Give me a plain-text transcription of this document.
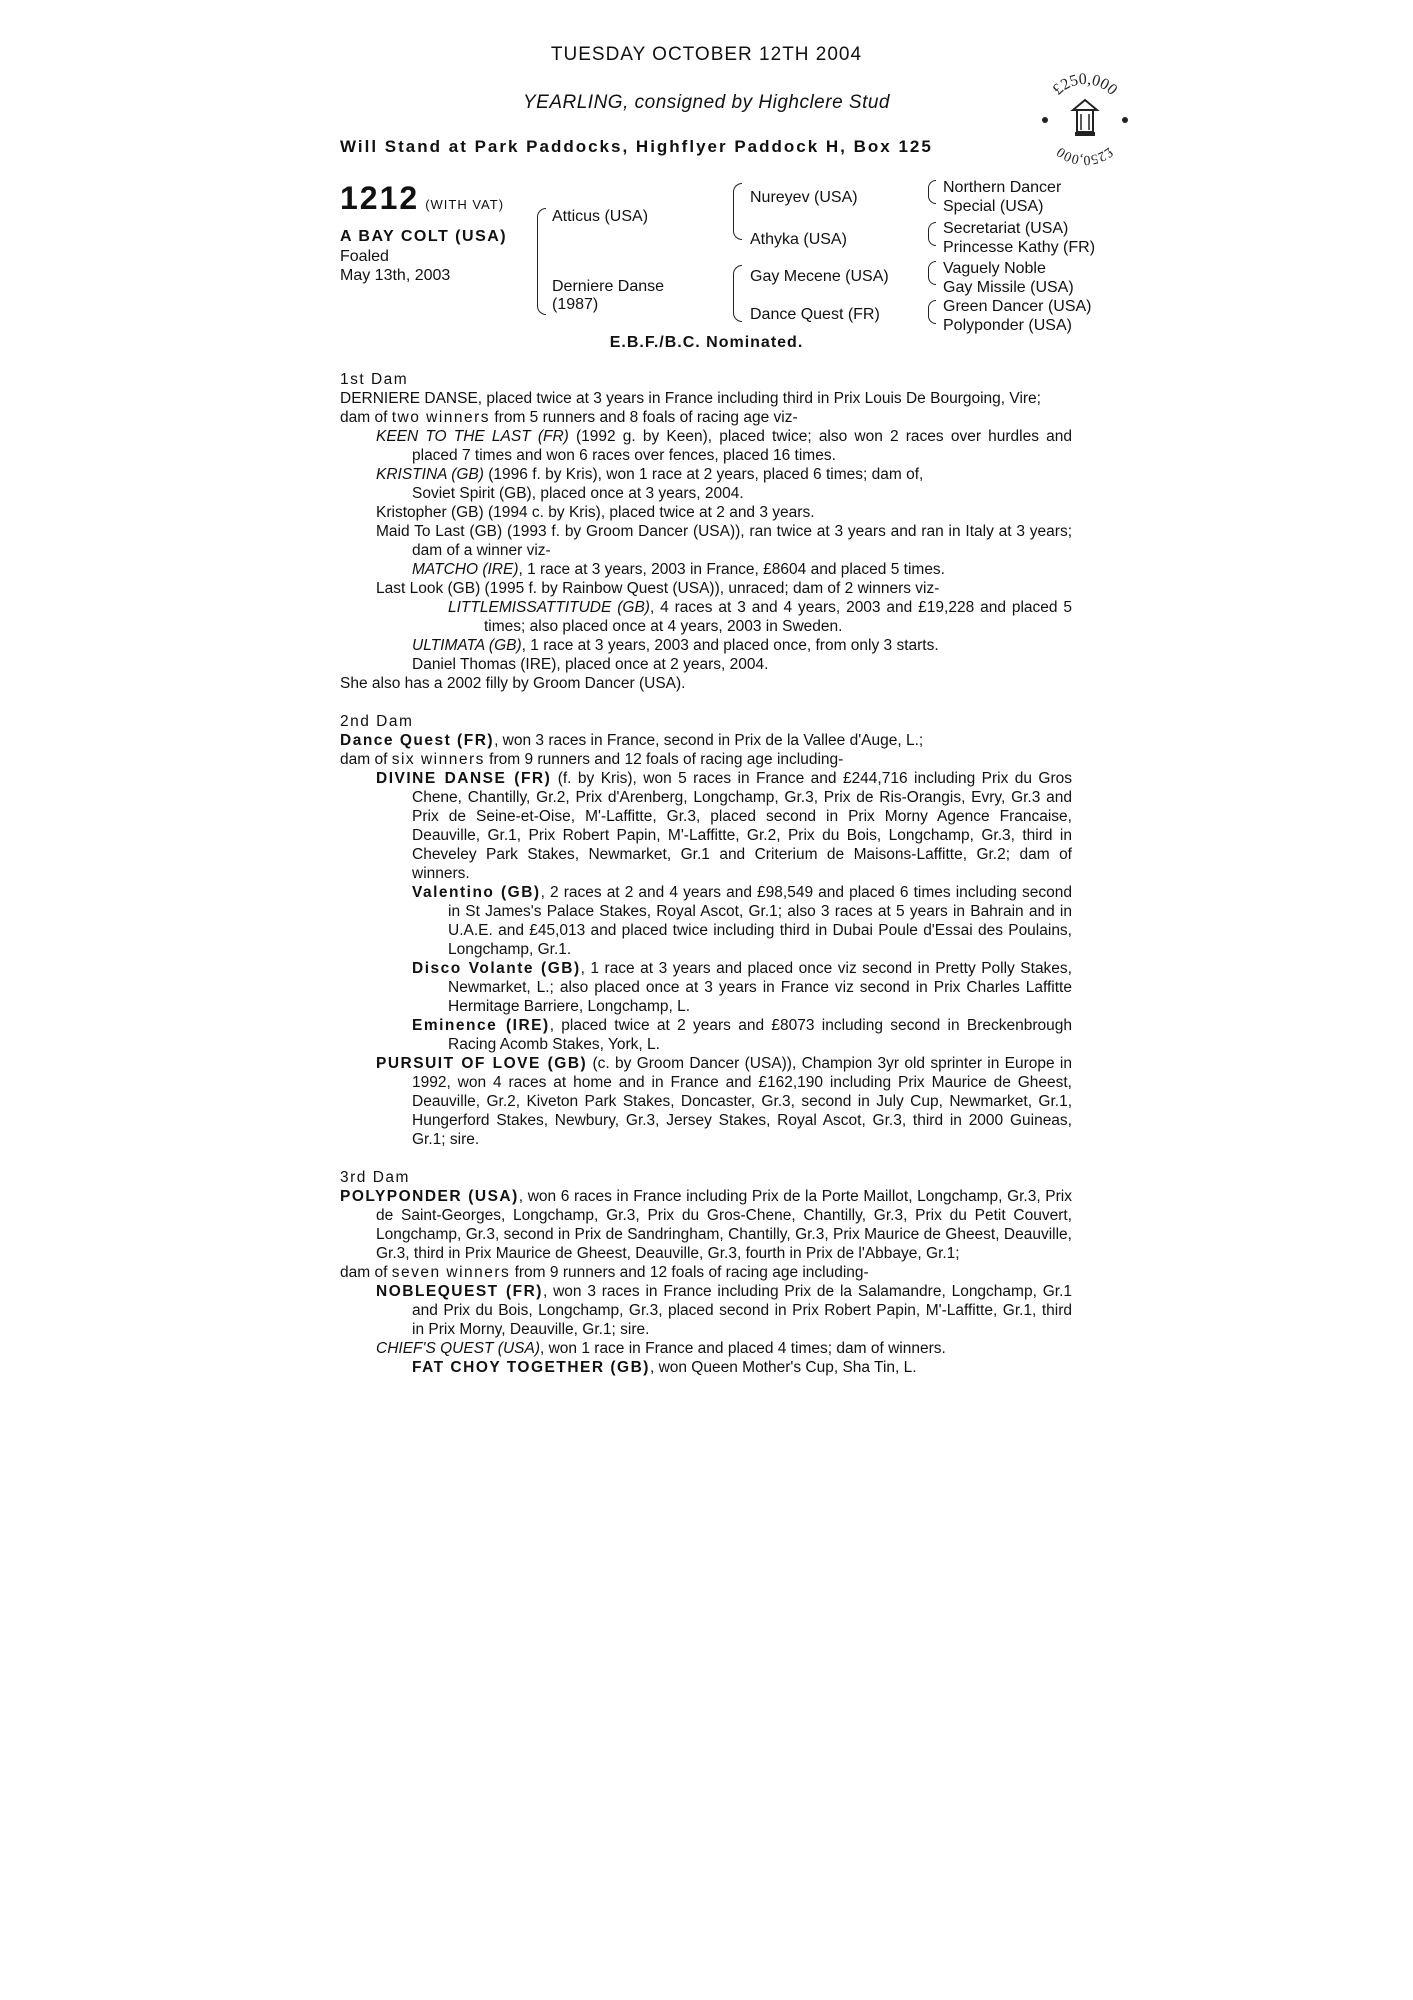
TUESDAY OCTOBER 12TH 2004
YEARLING, consigned by Highclere Stud
Will Stand at Park Paddocks, Highflyer Paddock H, Box 125
£250,000
£250,000
1212 (WITH VAT)
A BAY COLT (USA)
Foaled
May 13th, 2003
Atticus (USA)
Derniere Danse
(1987)
Nureyev (USA)
Athyka (USA)
Gay Mecene (USA)
Dance Quest (FR)
Northern Dancer
Special (USA)
Secretariat (USA)
Princesse Kathy (FR)
Vaguely Noble
Gay Missile (USA)
Green Dancer (USA)
Polyponder (USA)
E.B.F./B.C. Nominated.

1st Dam

DERNIERE DANSE, placed twice at 3 years in France including third in Prix Louis De Bourgoing, Vire;

dam of two winners from 5 runners and 8 foals of racing age viz-

KEEN TO THE LAST (FR) (1992 g. by Keen), placed twice; also won 2 races over hurdles and placed 7 times and won 6 races over fences, placed 16 times.

KRISTINA (GB) (1996 f. by Kris), won 1 race at 2 years, placed 6 times; dam of,

Soviet Spirit (GB), placed once at 3 years, 2004.

Kristopher (GB) (1994 c. by Kris), placed twice at 2 and 3 years.

Maid To Last (GB) (1993 f. by Groom Dancer (USA)), ran twice at 3 years and ran in Italy at 3 years; dam of a winner viz-

MATCHO (IRE), 1 race at 3 years, 2003 in France, £8604 and placed 5 times.

Last Look (GB) (1995 f. by Rainbow Quest (USA)), unraced; dam of 2 winners viz-

LITTLEMISSATTITUDE (GB), 4 races at 3 and 4 years, 2003 and £19,228 and placed 5 times; also placed once at 4 years, 2003 in Sweden.

ULTIMATA (GB), 1 race at 3 years, 2003 and placed once, from only 3 starts.

Daniel Thomas (IRE), placed once at 2 years, 2004.

She also has a 2002 filly by Groom Dancer (USA).

2nd Dam

Dance Quest (FR), won 3 races in France, second in Prix de la Vallee d'Auge, L.;

dam of six winners from 9 runners and 12 foals of racing age including-

DIVINE DANSE (FR) (f. by Kris), won 5 races in France and £244,716 including Prix du Gros Chene, Chantilly, Gr.2, Prix d'Arenberg, Longchamp, Gr.3, Prix de Ris-Orangis, Evry, Gr.3 and Prix de Seine-et-Oise, M'-Laffitte, Gr.3, placed second in Prix Morny Agence Francaise, Deauville, Gr.1, Prix Robert Papin, M'-Laffitte, Gr.2, Prix du Bois, Longchamp, Gr.3, third in Cheveley Park Stakes, Newmarket, Gr.1 and Criterium de Maisons-Laffitte, Gr.2; dam of winners.

Valentino (GB), 2 races at 2 and 4 years and £98,549 and placed 6 times including second in St James's Palace Stakes, Royal Ascot, Gr.1; also 3 races at 5 years in Bahrain and in U.A.E. and £45,013 and placed twice including third in Dubai Poule d'Essai des Poulains, Longchamp, Gr.1.

Disco Volante (GB), 1 race at 3 years and placed once viz second in Pretty Polly Stakes, Newmarket, L.; also placed once at 3 years in France viz second in Prix Charles Laffitte Hermitage Barriere, Longchamp, L.

Eminence (IRE), placed twice at 2 years and £8073 including second in Breckenbrough Racing Acomb Stakes, York, L.

PURSUIT OF LOVE (GB) (c. by Groom Dancer (USA)), Champion 3yr old sprinter in Europe in 1992, won 4 races at home and in France and £162,190 including Prix Maurice de Gheest, Deauville, Gr.2, Kiveton Park Stakes, Doncaster, Gr.3, second in July Cup, Newmarket, Gr.1, Hungerford Stakes, Newbury, Gr.3, Jersey Stakes, Royal Ascot, Gr.3, third in 2000 Guineas, Gr.1; sire.

3rd Dam

POLYPONDER (USA), won 6 races in France including Prix de la Porte Maillot, Longchamp, Gr.3, Prix de Saint-Georges, Longchamp, Gr.3, Prix du Gros-Chene, Chantilly, Gr.3, Prix du Petit Couvert, Longchamp, Gr.3, second in Prix de Sandringham, Chantilly, Gr.3, Prix Maurice de Gheest, Deauville, Gr.3, third in Prix Maurice de Gheest, Deauville, Gr.3, fourth in Prix de l'Abbaye, Gr.1;

dam of seven winners from 9 runners and 12 foals of racing age including-

NOBLEQUEST (FR), won 3 races in France including Prix de la Salamandre, Longchamp, Gr.1 and Prix du Bois, Longchamp, Gr.3, placed second in Prix Robert Papin, M'-Laffitte, Gr.1, third in Prix Morny, Deauville, Gr.1; sire.

CHIEF'S QUEST (USA), won 1 race in France and placed 4 times; dam of winners.

FAT CHOY TOGETHER (GB), won Queen Mother's Cup, Sha Tin, L.
